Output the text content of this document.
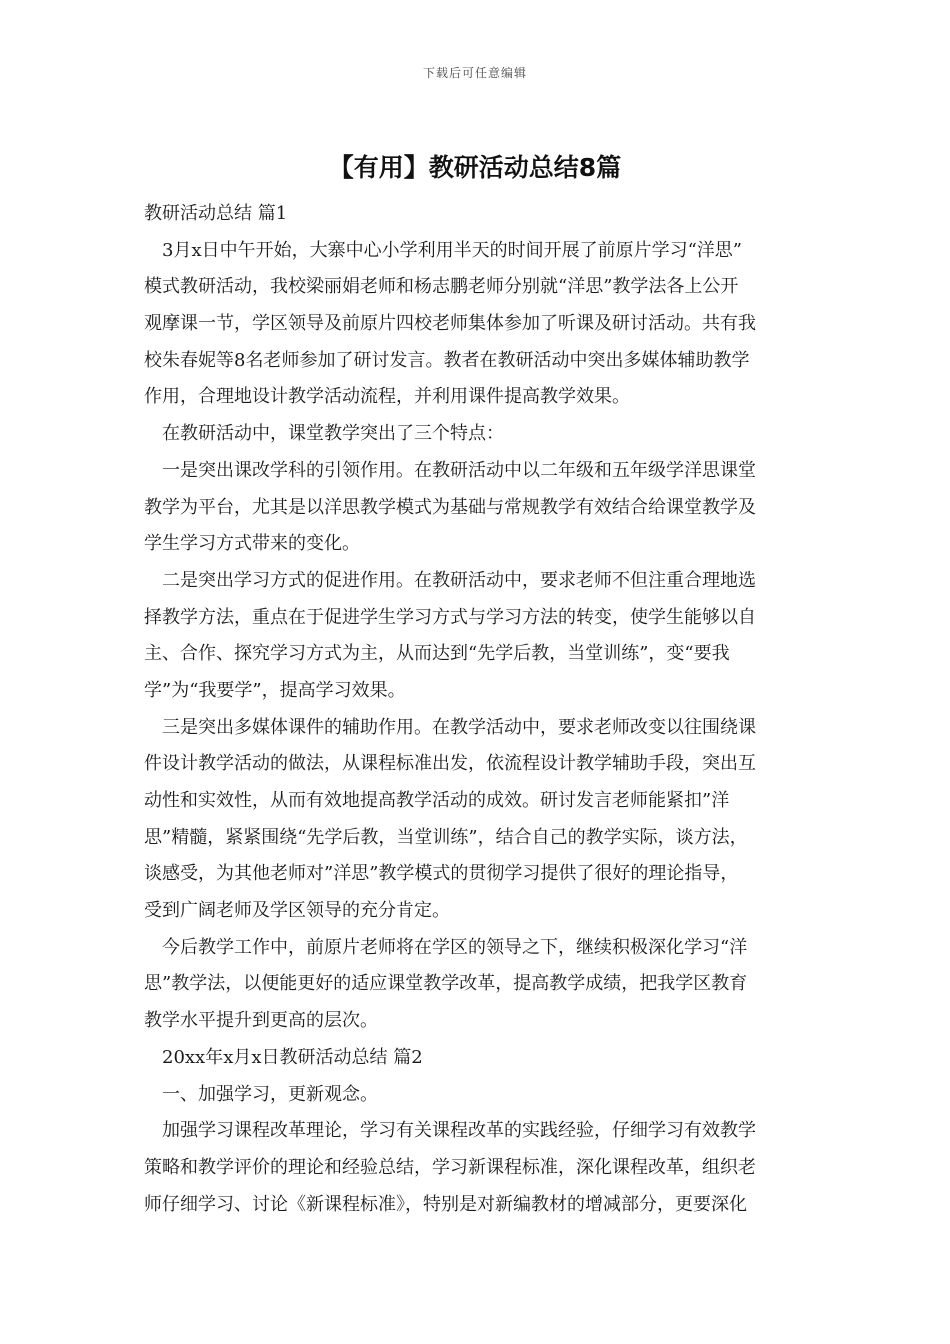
下载后可任意编辑
【有用】教研活动总结8篇
教研活动总结 篇1
3月x日中午开始，大寨中心小学利用半天的时间开展了前原片学习“洋思”
模式教研活动，我校梁丽娟老师和杨志鹏老师分别就“洋思”教学法各上公开
观摩课一节，学区领导及前原片四校老师集体参加了听课及研讨活动。共有我
校朱春妮等8名老师参加了研讨发言。教者在教研活动中突出多媒体辅助教学
作用，合理地设计教学活动流程，并利用课件提高教学效果。
在教研活动中，课堂教学突出了三个特点：
一是突出课改学科的引领作用。在教研活动中以二年级和五年级学洋思课堂
教学为平台，尤其是以洋思教学模式为基础与常规教学有效结合给课堂教学及
学生学习方式带来的变化。
二是突出学习方式的促进作用。在教研活动中，要求老师不但注重合理地选
择教学方法，重点在于促进学生学习方式与学习方法的转变，使学生能够以自
主、合作、探究学习方式为主，从而达到“先学后教，当堂训练”，变“要我
学”为“我要学”，提高学习效果。
三是突出多媒体课件的辅助作用。在教学活动中，要求老师改变以往围绕课
件设计教学活动的做法，从课程标准出发，依流程设计教学辅助手段，突出互
动性和实效性，从而有效地提高教学活动的成效。研讨发言老师能紧扣”洋
思”精髓，紧紧围绕“先学后教，当堂训练”，结合自己的教学实际，谈方法，
谈感受，为其他老师对”洋思”教学模式的贯彻学习提供了很好的理论指导，
受到广阔老师及学区领导的充分肯定。
今后教学工作中，前原片老师将在学区的领导之下，继续积极深化学习“洋
思”教学法，以便能更好的适应课堂教学改革，提高教学成绩，把我学区教育
教学水平提升到更高的层次。
20xx年x月x日教研活动总结 篇2
一、加强学习，更新观念。
加强学习课程改革理论，学习有关课程改革的实践经验，仔细学习有效教学
策略和教学评价的理论和经验总结，学习新课程标准，深化课程改革，组织老
师仔细学习、讨论《新课程标准》，特别是对新编教材的增减部分，更要深化
